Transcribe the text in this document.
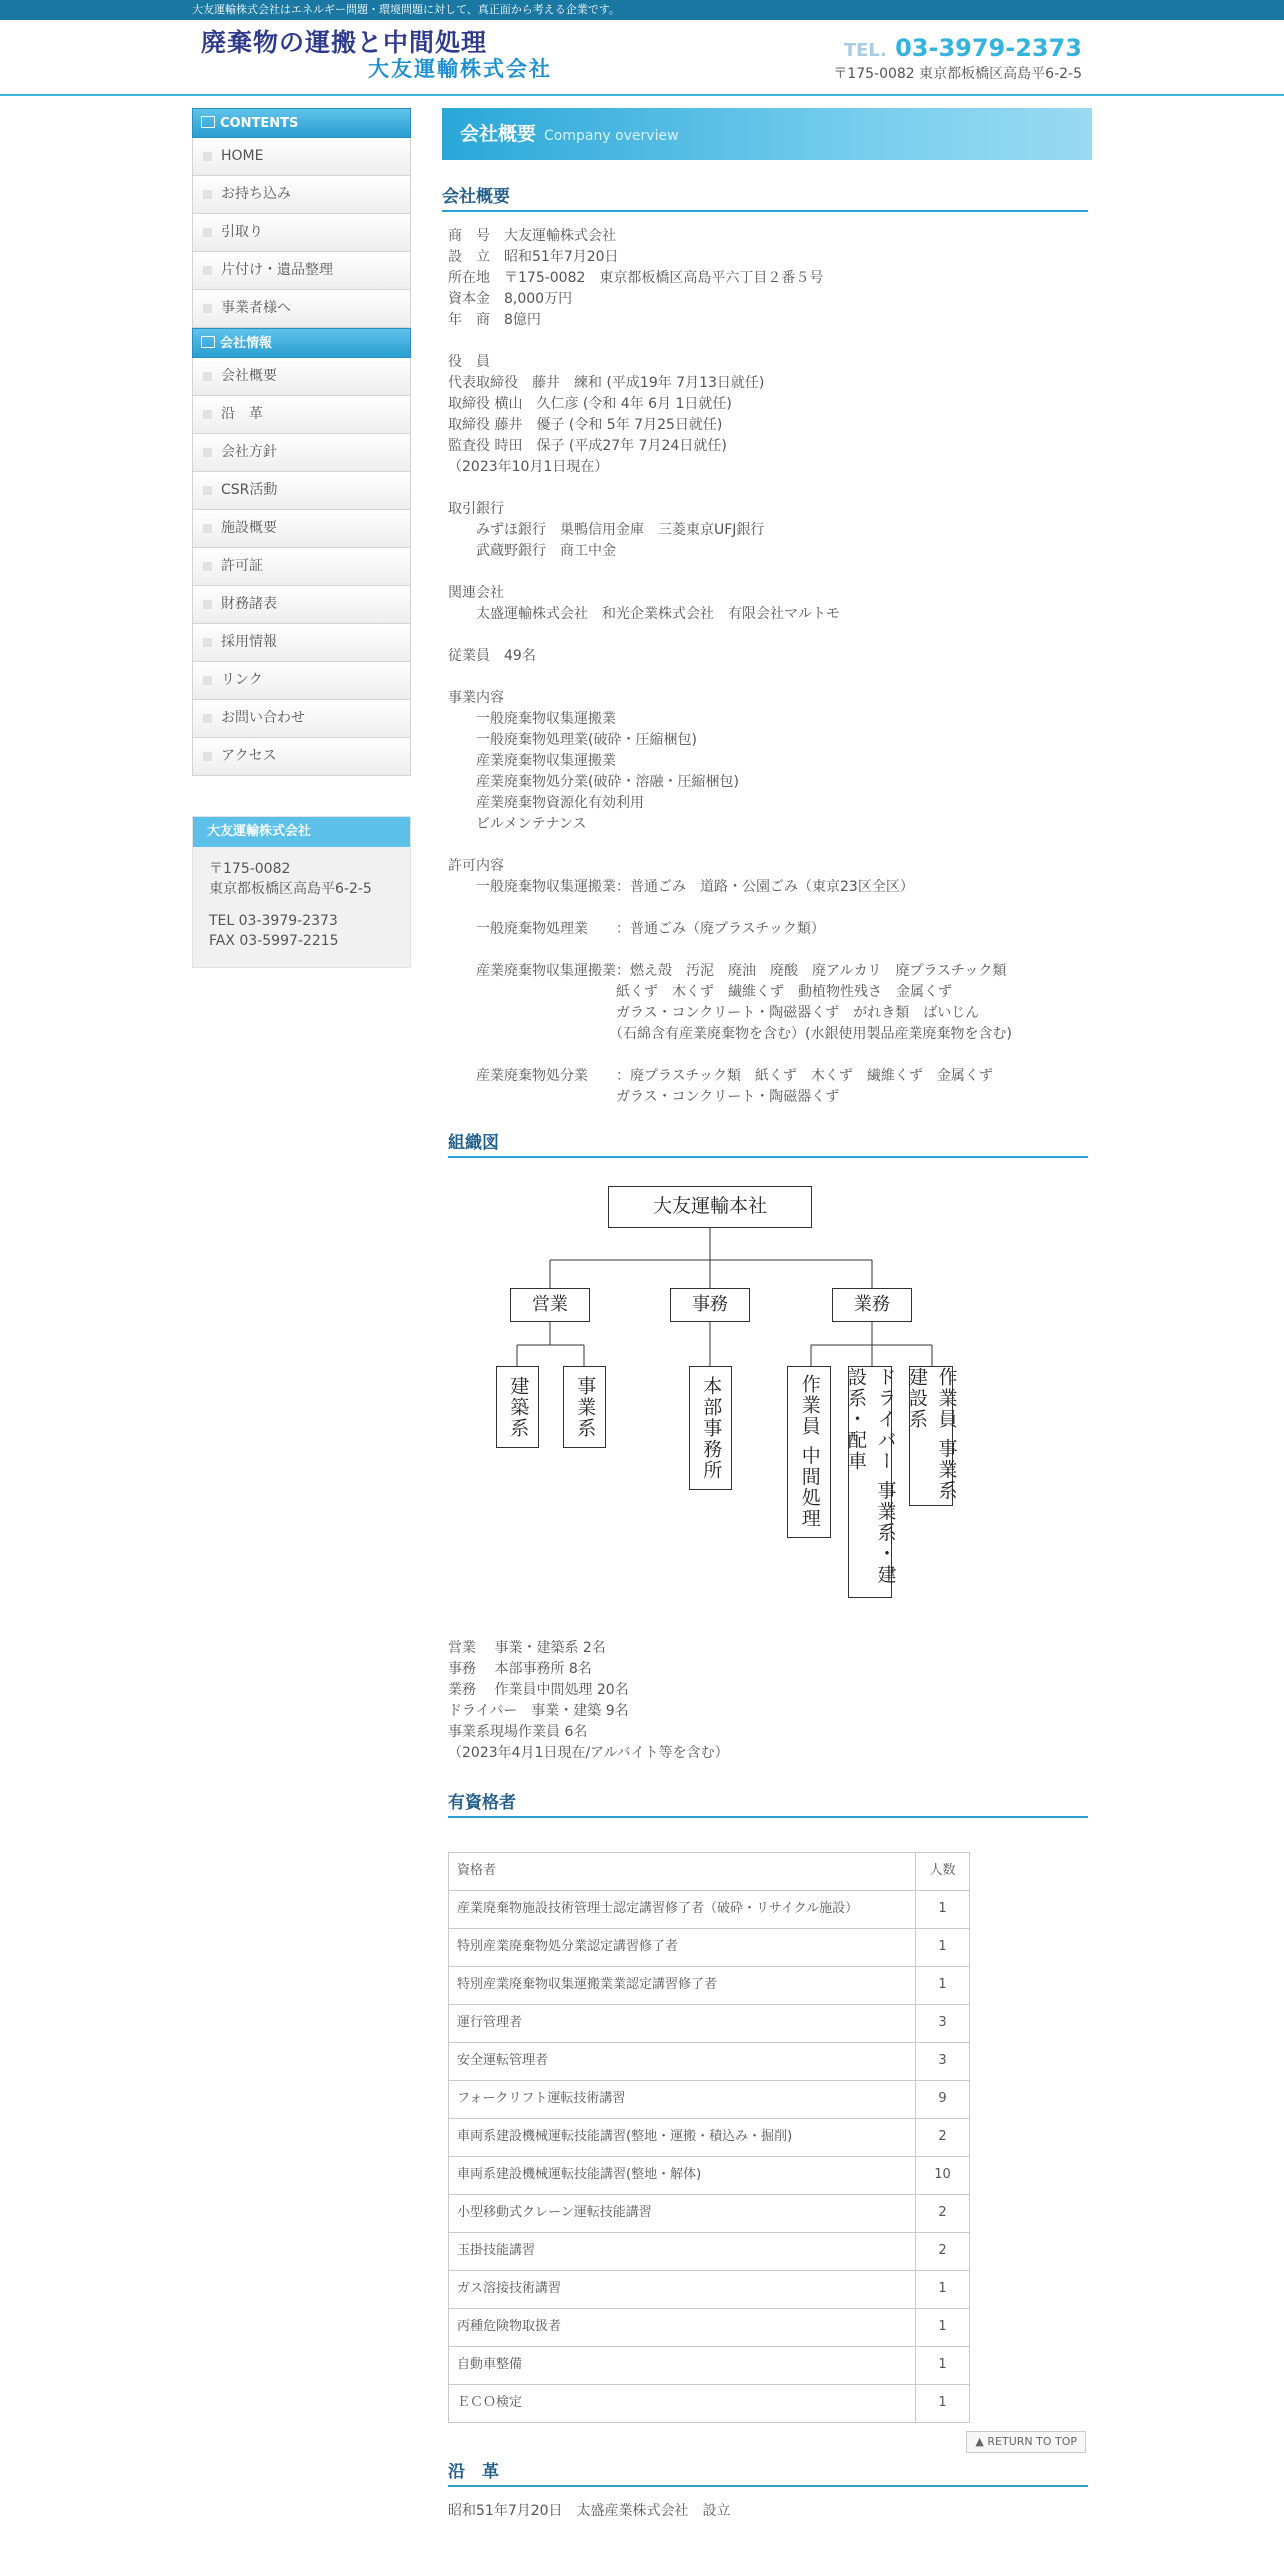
大友運輸株式会社はエネルギー問題・環境問題に対して、真正面から考える企業です。
廃棄物の運搬と中間処理
大友運輸株式会社
TEL. 03-3979-2373
〒175-0082 東京都板橋区高島平6-2-5
CONTENTS
HOME
お持ち込み
引取り
片付け・遺品整理
事業者様へ
会社情報
会社概要
沿　革
会社方針
CSR活動
施設概要
許可証
財務諸表
採用情報
リンク
お問い合わせ
アクセス
大友運輸株式会社
〒175-0082
東京都板橋区高島平6-2-5
TEL 03-3979-2373
FAX 03-5997-2215
会社概要 Company overview
会社概要
商　号　大友運輸株式会社
設　立　昭和51年7月20日
所在地　〒175-0082　東京都板橋区高島平六丁目２番５号
資本金　8,000万円
年　商　8億円
役　員
代表取締役　藤井　練和 (平成19年 7月13日就任)
取締役 横山　久仁彦 (令和 4年 6月 1日就任)
取締役 藤井　優子 (令和 5年 7月25日就任)
監査役 時田　保子 (平成27年 7月24日就任)
（2023年10月1日現在）
取引銀行
　　みずほ銀行　巣鴨信用金庫　三菱東京UFJ銀行
　　武蔵野銀行　商工中金
関連会社
　　太盛運輸株式会社　和光企業株式会社　有限会社マルトモ
従業員　49名
事業内容
　　一般廃棄物収集運搬業
　　一般廃棄物処理業(破砕・圧縮梱包)
　　産業廃棄物収集運搬業
　　産業廃棄物処分業(破砕・溶融・圧縮梱包)
　　産業廃棄物資源化有効利用
　　ビルメンテナンス
許可内容
　　一般廃棄物収集運搬業：普通ごみ　道路・公園ごみ（東京23区全区）
　　一般廃棄物処理業　　：普通ごみ（廃プラスチック類）
　　産業廃棄物収集運搬業：燃え殻　汚泥　廃油　廃酸　廃アルカリ　廃プラスチック類
　　　　　　　　　　　　紙くず　木くず　繊維くず　動植物性残さ　金属くず
　　　　　　　　　　　　ガラス・コンクリート・陶磁器くず　がれき類　ばいじん
　　　　　　　　　　　　（石綿含有産業廃棄物を含む）(水銀使用製品産業廃棄物を含む)
　　産業廃棄物処分業　　：廃プラスチック類　紙くず　木くず　繊維くず　金属くず
　　　　　　　　　　　　ガラス・コンクリート・陶磁器くず
組織図
大友運輸本社
営業	事務	業務
建築系	事業系	本部事務所	作業員 中間処理	ドライバー 事業系・建設系・配車	作業員 事業系 建設系
営業　 事業・建築系 2名
事務　 本部事務所 8名
業務　 作業員中間処理 20名
ドライバー　事業・建築 9名
事業系現場作業員 6名
（2023年4月1日現在/アルバイト等を含む）
有資格者
資格者	人数
産業廃棄物施設技術管理士認定講習修了者（破砕・リサイクル施設）	1
特別産業廃棄物処分業認定講習修了者	1
特別産業廃棄物収集運搬業業認定講習修了者	1
運行管理者	3
安全運転管理者	3
フォークリフト運転技術講習	9
車両系建設機械運転技能講習(整地・運搬・積込み・掘削)	2
車両系建設機械運転技能講習(整地・解体)	10
小型移動式クレーン運転技能講習	2
玉掛技能講習	2
ガス溶接技術講習	1
丙種危険物取扱者	1
自動車整備	1
ＥＣＯ検定	1
▲ RETURN TO TOP
沿　革
昭和51年7月20日　太盛産業株式会社　設立
